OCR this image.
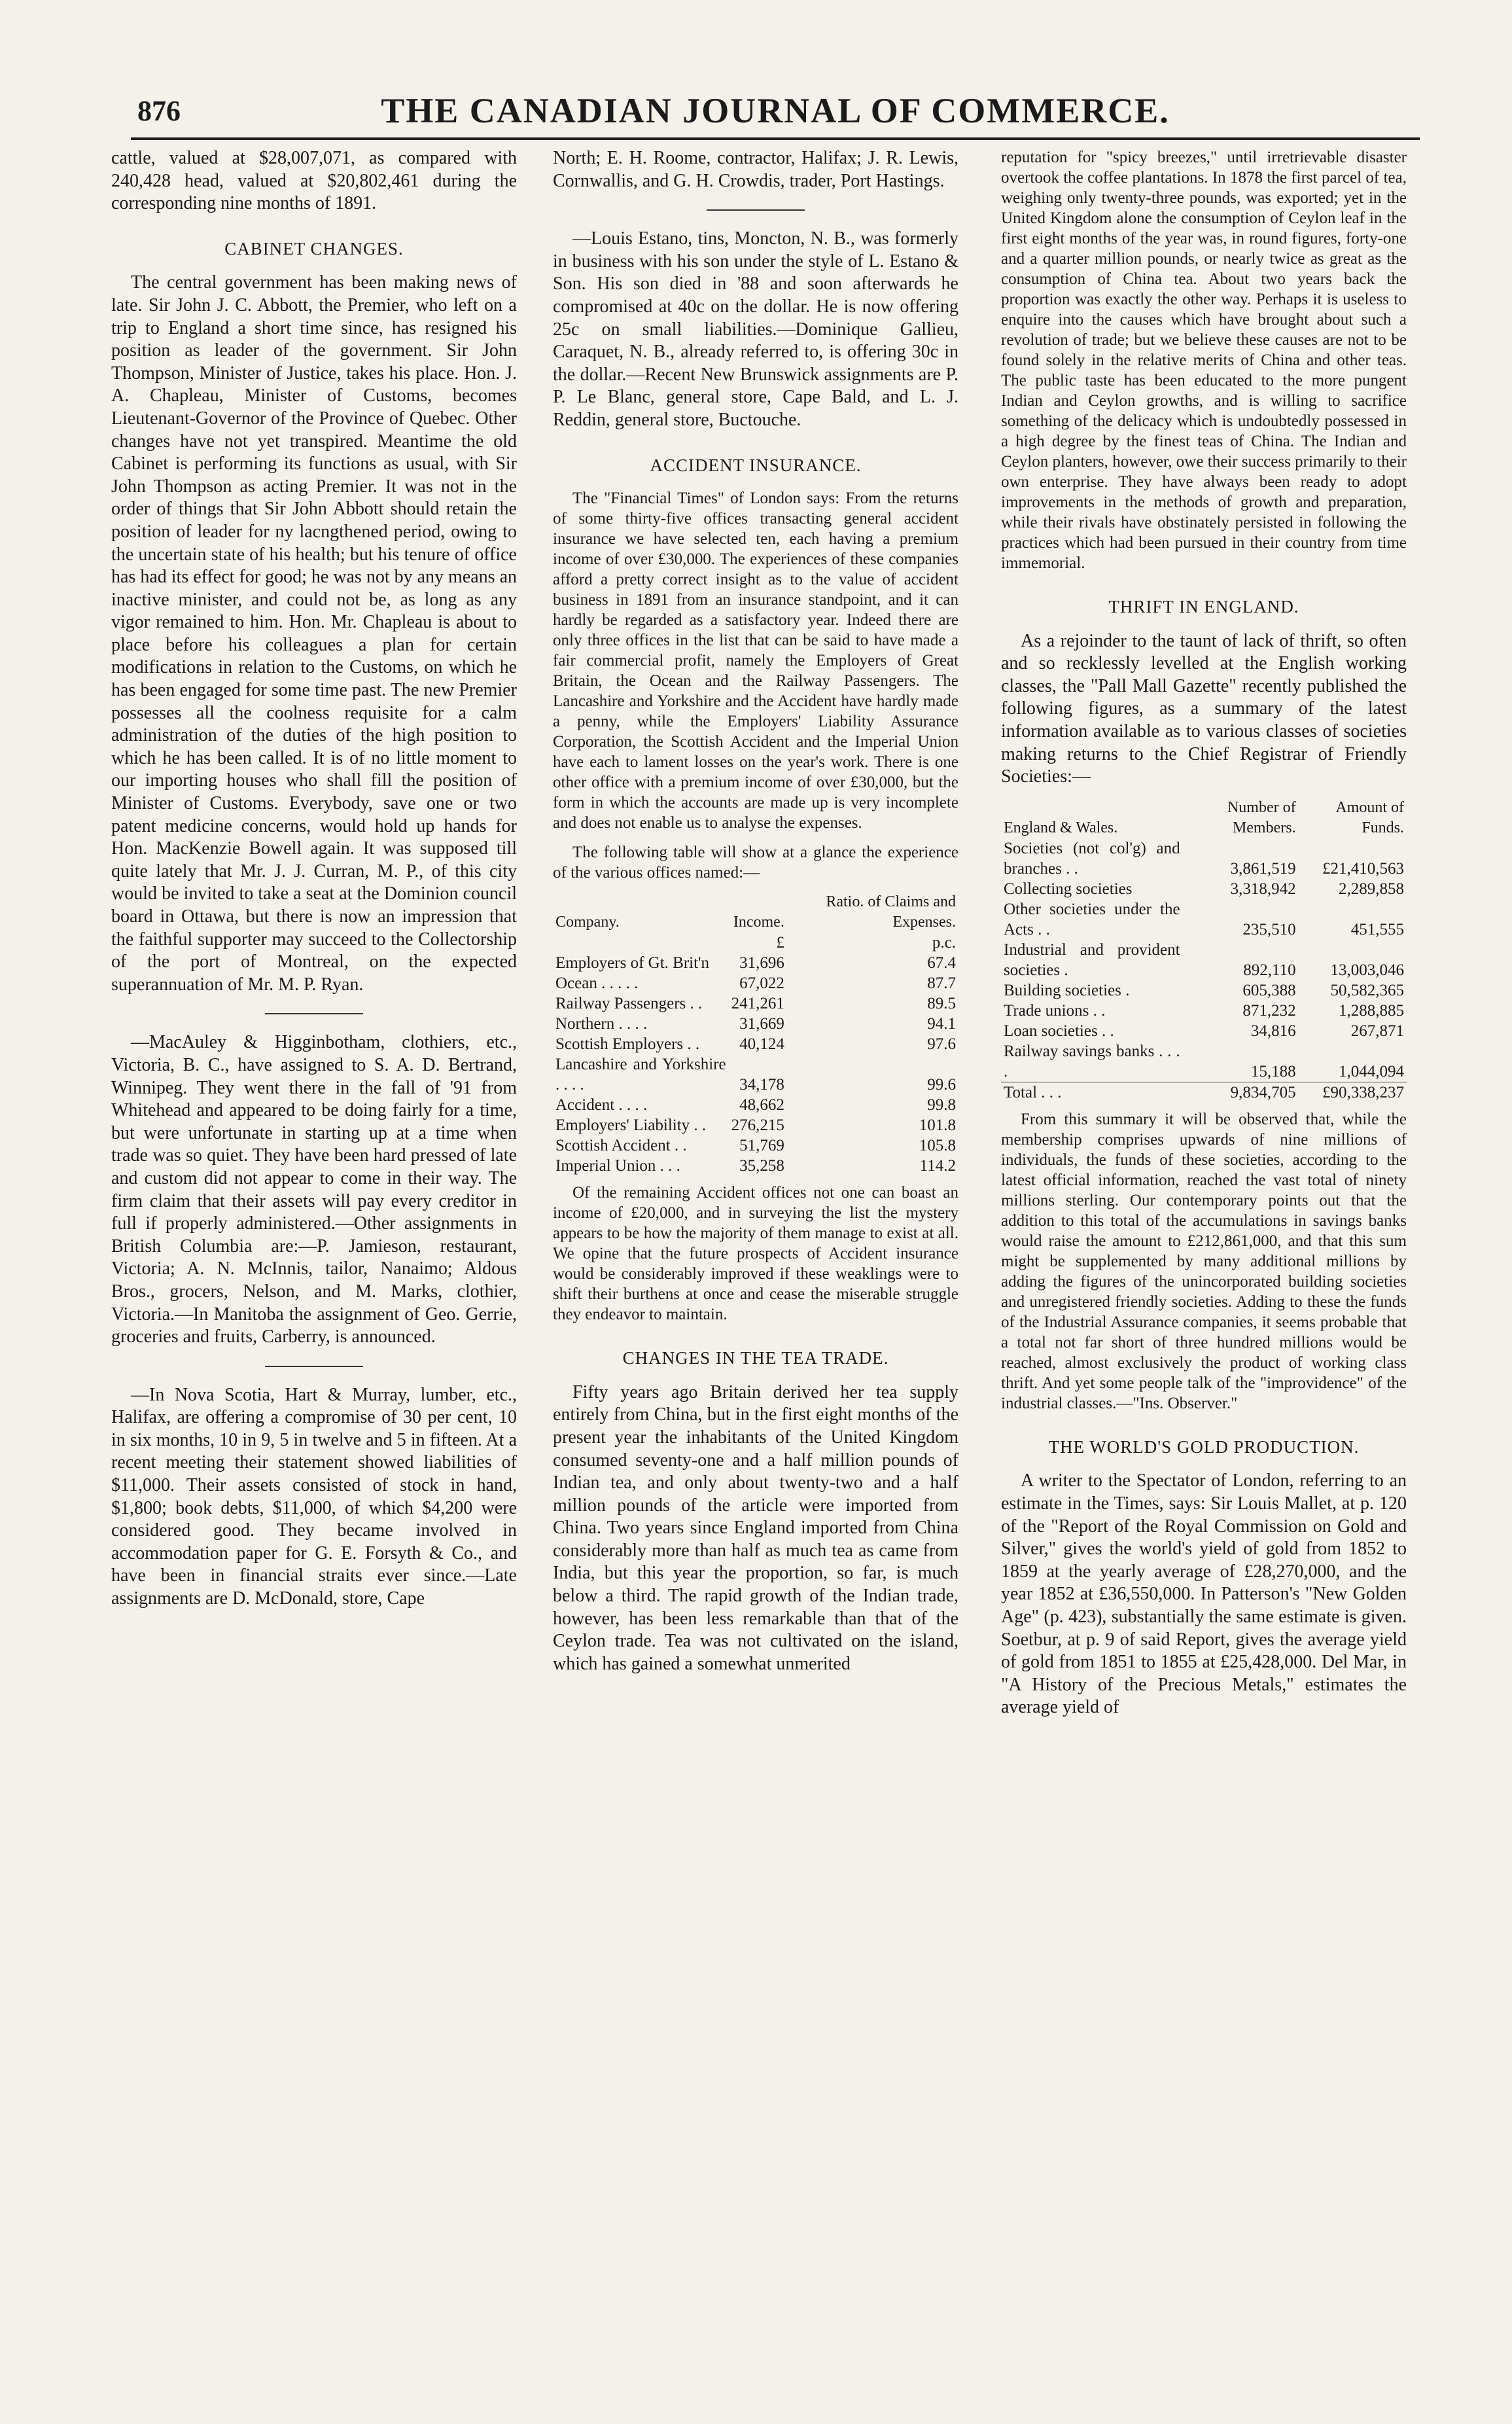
876	THE CANADIAN JOURNAL OF COMMERCE.

cattle, valued at $28,007,071, as compared with 240,428 head, valued at $20,802,461 during the corresponding nine months of 1891.

CABINET CHANGES.

The central government has been making news of late. Sir John J. C. Abbott, the Premier, who left on a trip to England a short time since, has resigned his position as leader of the government. Sir John Thompson, Minister of Justice, takes his place. Hon. J. A. Chapleau, Minister of Customs, becomes Lieutenant-Governor of the Province of Quebec. Other changes have not yet transpired. Meantime the old Cabinet is performing its functions as usual, with Sir John Thompson as acting Premier. It was not in the order of things that Sir John Abbott should retain the position of leader for ny lacngthened period, owing to the uncertain state of his health; but his tenure of office has had its effect for good; he was not by any means an inactive minister, and could not be, as long as any vigor remained to him. Hon. Mr. Chapleau is about to place before his colleagues a plan for certain modifications in relation to the Customs, on which he has been engaged for some time past. The new Premier possesses all the coolness requisite for a calm administration of the duties of the high position to which he has been called. It is of no little moment to our importing houses who shall fill the position of Minister of Customs. Everybody, save one or two patent medicine concerns, would hold up hands for Hon. MacKenzie Bowell again. It was supposed till quite lately that Mr. J. J. Curran, M. P., of this city would be invited to take a seat at the Dominion council board in Ottawa, but there is now an impression that the faithful supporter may succeed to the Collectorship of the port of Montreal, on the expected superannuation of Mr. M. P. Ryan.

—MacAuley & Higginbotham, clothiers, etc., Victoria, B. C., have assigned to S. A. D. Bertrand, Winnipeg. They went there in the fall of '91 from Whitehead and appeared to be doing fairly for a time, but were unfortunate in starting up at a time when trade was so quiet. They have been hard pressed of late and custom did not appear to come in their way. The firm claim that their assets will pay every creditor in full if properly administered.—Other assignments in British Columbia are:—P. Jamieson, restaurant, Victoria; A. N. McInnis, tailor, Nanaimo; Aldous Bros., grocers, Nelson, and M. Marks, clothier, Victoria.—In Manitoba the assignment of Geo. Gerrie, groceries and fruits, Carberry, is announced.

—In Nova Scotia, Hart & Murray, lumber, etc., Halifax, are offering a compromise of 30 per cent, 10 in six months, 10 in 9, 5 in twelve and 5 in fifteen. At a recent meeting their statement showed liabilities of $11,000. Their assets consisted of stock in hand, $1,800; book debts, $11,000, of which $4,200 were considered good. They became involved in accommodation paper for G. E. Forsyth & Co., and have been in financial straits ever since.—Late assignments are D. McDonald, store, Cape

North; E. H. Roome, contractor, Halifax; J. R. Lewis, Cornwallis, and G. H. Crowdis, trader, Port Hastings.

—Louis Estano, tins, Moncton, N. B., was formerly in business with his son under the style of L. Estano & Son. His son died in '88 and soon afterwards he compromised at 40c on the dollar. He is now offering 25c on small liabilities.—Dominique Gallieu, Caraquet, N. B., already referred to, is offering 30c in the dollar.—Recent New Brunswick assignments are P. P. Le Blanc, general store, Cape Bald, and L. J. Reddin, general store, Buctouche.

ACCIDENT INSURANCE.

The "Financial Times" of London says: From the returns of some thirty-five offices transacting general accident insurance we have selected ten, each having a premium income of over £30,000. The experiences of these companies afford a pretty correct insight as to the value of accident business in 1891 from an insurance standpoint, and it can hardly be regarded as a satisfactory year. Indeed there are only three offices in the list that can be said to have made a fair commercial profit, namely the Employers of Great Britain, the Ocean and the Railway Passengers. The Lancashire and Yorkshire and the Accident have hardly made a penny, while the Employers' Liability Assurance Corporation, the Scottish Accident and the Imperial Union have each to lament losses on the year's work. There is one other office with a premium income of over £30,000, but the form in which the accounts are made up is very incomplete and does not enable us to analyse the expenses.

The following table will show at a glance the experience of the various offices named:—

Company.	Income.	Ratio. of Claims and Expenses.
	£	p.c.
Employers of Gt. Brit'n	31,696	67.4
Ocean . . . . .	67,022	87.7
Railway Passengers . .	241,261	89.5
Northern . . . .	31,669	94.1
Scottish Employers . .	40,124	97.6
Lancashire and Yorkshire . . . .	34,178	99.6
Accident . . . .	48,662	99.8
Employers' Liability . .	276,215	101.8
Scottish Accident . .	51,769	105.8
Imperial Union . . .	35,258	114.2

Of the remaining Accident offices not one can boast an income of £20,000, and in surveying the list the mystery appears to be how the majority of them manage to exist at all. We opine that the future prospects of Accident insurance would be considerably improved if these weaklings were to shift their burthens at once and cease the miserable struggle they endeavor to maintain.

CHANGES IN THE TEA TRADE.

Fifty years ago Britain derived her tea supply entirely from China, but in the first eight months of the present year the inhabitants of the United Kingdom consumed seventy-one and a half million pounds of Indian tea, and only about twenty-two and a half million pounds of the article were imported from China. Two years since England imported from China considerably more than half as much tea as came from India, but this year the proportion, so far, is much below a third. The rapid growth of the Indian trade, however, has been less remarkable than that of the Ceylon trade. Tea was not cultivated on the island, which has gained a somewhat unmerited

reputation for "spicy breezes," until irretrievable disaster overtook the coffee plantations. In 1878 the first parcel of tea, weighing only twenty-three pounds, was exported; yet in the United Kingdom alone the consumption of Ceylon leaf in the first eight months of the year was, in round figures, forty-one and a quarter million pounds, or nearly twice as great as the consumption of China tea. About two years back the proportion was exactly the other way. Perhaps it is useless to enquire into the causes which have brought about such a revolution of trade; but we believe these causes are not to be found solely in the relative merits of China and other teas. The public taste has been educated to the more pungent Indian and Ceylon growths, and is willing to sacrifice something of the delicacy which is undoubtedly possessed in a high degree by the finest teas of China. The Indian and Ceylon planters, however, owe their success primarily to their own enterprise. They have always been ready to adopt improvements in the methods of growth and preparation, while their rivals have obstinately persisted in following the practices which had been pursued in their country from time immemorial.

THRIFT IN ENGLAND.

As a rejoinder to the taunt of lack of thrift, so often and so recklessly levelled at the English working classes, the "Pall Mall Gazette" recently published the following figures, as a summary of the latest information available as to various classes of societies making returns to the Chief Registrar of Friendly Societies:—

England & Wales.	Number of Members.	Amount of Funds.
Societies (not col'g) and branches . .	3,861,519	£21,410,563
Collecting societies	3,318,942	2,289,858
Other societies under the Acts . .	235,510	451,555
Industrial and provident societies .	892,110	13,003,046
Building societies .	605,388	50,582,365
Trade unions . .	871,232	1,288,885
Loan societies . .	34,816	267,871
Railway savings banks . . . .	15,188	1,044,094
Total . . .	9,834,705	£90,338,237

From this summary it will be observed that, while the membership comprises upwards of nine millions of individuals, the funds of these societies, according to the latest official information, reached the vast total of ninety millions sterling. Our contemporary points out that the addition to this total of the accumulations in savings banks would raise the amount to £212,861,000, and that this sum might be supplemented by many additional millions by adding the figures of the unincorporated building societies and unregistered friendly societies. Adding to these the funds of the Industrial Assurance companies, it seems probable that a total not far short of three hundred millions would be reached, almost exclusively the product of working class thrift. And yet some people talk of the "improvidence" of the industrial classes.—"Ins. Observer."

THE WORLD'S GOLD PRODUCTION.

A writer to the Spectator of London, referring to an estimate in the Times, says: Sir Louis Mallet, at p. 120 of the "Report of the Royal Commission on Gold and Silver," gives the world's yield of gold from 1852 to 1859 at the yearly average of £28,270,000, and the year 1852 at £36,550,000. In Patterson's "New Golden Age" (p. 423), substantially the same estimate is given. Soetbur, at p. 9 of said Report, gives the average yield of gold from 1851 to 1855 at £25,428,000. Del Mar, in "A History of the Precious Metals," estimates the average yield of
